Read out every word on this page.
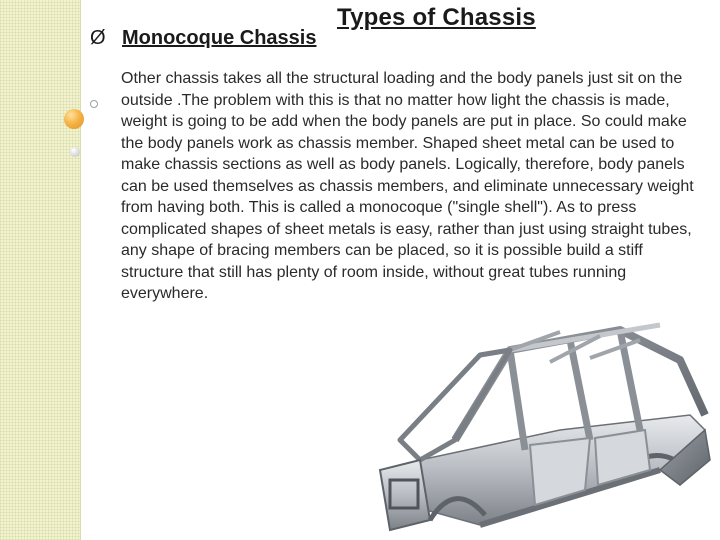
Types of Chassis
Ø Monocoque Chassis

Other chassis takes all the structural loading and the body panels just sit on the outside .The problem with this is that no matter how light the chassis is made, weight is going to be add when the body panels are put in place. So could make the body panels work as chassis member. Shaped sheet metal can be used to make chassis sections as well as body panels. Logically, therefore, body panels can be used themselves as chassis members, and eliminate unnecessary weight from having both. This is called a monocoque ("single shell"). As to press complicated shapes of sheet metals is easy, rather than just using straight tubes, any shape of bracing members can be placed, so it is possible build a stiff structure that still has plenty of room inside, without great tubes running everywhere.
